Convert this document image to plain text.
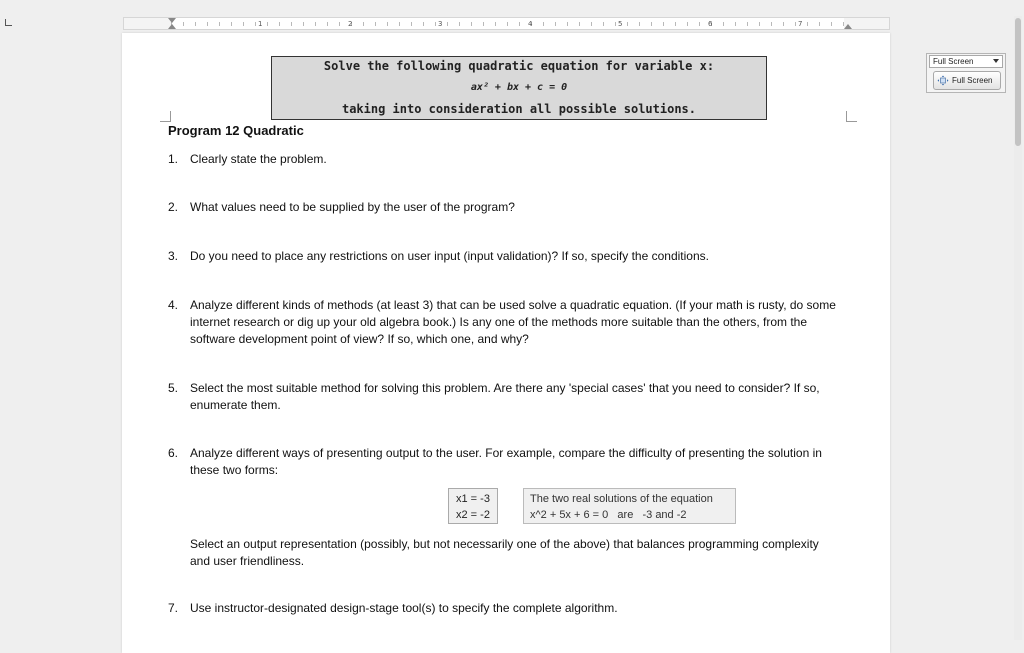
1	2	3	4	5	6	7
Solve the following quadratic equation for variable x:
ax² + bx + c = 0
taking into consideration all possible solutions.
Program 12 Quadratic
1. Clearly state the problem.
2. What values need to be supplied by the user of the program?
3. Do you need to place any restrictions on user input (input validation)? If so, specify the conditions.
4. Analyze different kinds of methods (at least 3) that can be used solve a quadratic equation. (If your math is rusty, do some internet research or dig up your old algebra book.) Is any one of the methods more suitable than the others, from the software development point of view? If so, which one, and why?
5. Select the most suitable method for solving this problem. Are there any 'special cases' that you need to consider? If so, enumerate them.
6. Analyze different ways of presenting output to the user. For example, compare the difficulty of presenting the solution in these two forms:
x1 = -3
x2 = -2
The two real solutions of the equation
x^2 + 5x + 6 = 0   are   -3 and -2
Select an output representation (possibly, but not necessarily one of the above) that balances programming complexity and user friendliness.
7. Use instructor-designated design-stage tool(s) to specify the complete algorithm.
Full Screen
Full Screen
